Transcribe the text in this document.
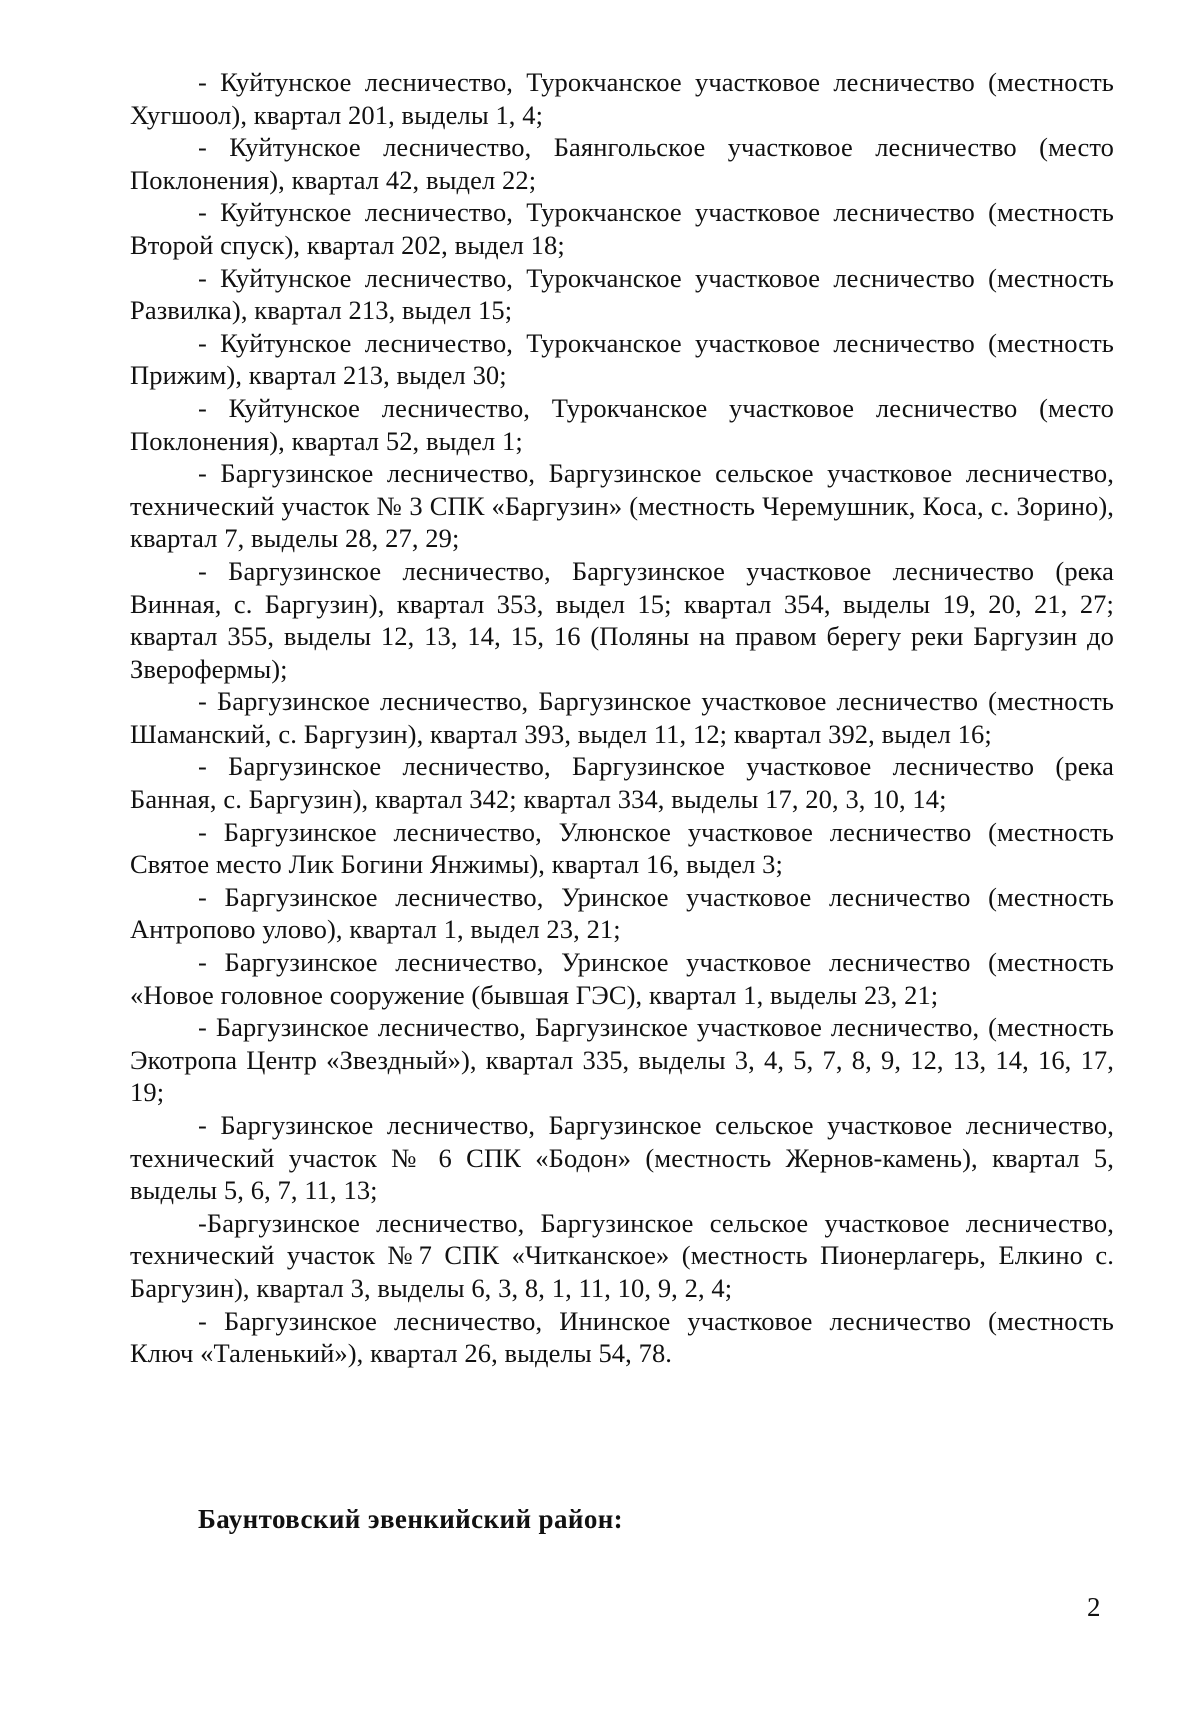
- Куйтунское лесничество, Турокчанское участковое лесничество (местность Хугшоол), квартал 201, выделы 1, 4;

- Куйтунское лесничество, Баянгольское участковое лесничество (место Поклонения), квартал 42, выдел 22;

- Куйтунское лесничество, Турокчанское участковое лесничество (местность Второй спуск), квартал 202, выдел 18;

- Куйтунское лесничество, Турокчанское участковое лесничество (местность Развилка), квартал 213, выдел 15;

- Куйтунское лесничество, Турокчанское участковое лесничество (местность Прижим), квартал 213, выдел 30;

- Куйтунское лесничество, Турокчанское участковое лесничество (место Поклонения), квартал 52, выдел 1;

- Баргузинское лесничество, Баргузинское сельское участковое лесничество, технический участок № 3 СПК «Баргузин» (местность Черемушник, Коса, с. Зорино), квартал 7, выделы 28, 27, 29;

- Баргузинское лесничество, Баргузинское участковое лесничество (река Винная, с. Баргузин), квартал 353, выдел 15; квартал 354, выделы 19, 20, 21, 27; квартал 355, выделы 12, 13, 14, 15, 16 (Поляны на правом берегу реки Баргузин до Зверофермы);

- Баргузинское лесничество, Баргузинское участковое лесничество (местность Шаманский, с. Баргузин), квартал 393, выдел 11, 12; квартал 392, выдел 16;

- Баргузинское лесничество, Баргузинское участковое лесничество (река Банная, с. Баргузин), квартал 342; квартал 334, выделы 17, 20, 3, 10, 14;

- Баргузинское лесничество, Улюнское участковое лесничество (местность Святое место Лик Богини Янжимы), квартал 16, выдел 3;

- Баргузинское лесничество, Уринское участковое лесничество (местность Антропово улово), квартал 1, выдел 23, 21;

- Баргузинское лесничество, Уринское участковое лесничество (местность «Новое головное сооружение (бывшая ГЭС), квартал 1, выделы 23, 21;

- Баргузинское лесничество, Баргузинское участковое лесничество, (местность Экотропа Центр «Звездный»), квартал 335, выделы 3, 4, 5, 7, 8, 9, 12, 13, 14, 16, 17, 19;

- Баргузинское лесничество, Баргузинское сельское участковое лесничество, технический участок № 6 СПК «Бодон» (местность Жернов-камень), квартал 5, выделы 5, 6, 7, 11, 13;

-Баргузинское лесничество, Баргузинское сельское участковое лесничество, технический участок №7 СПК «Читканское» (местность Пионерлагерь, Елкино с. Баргузин), квартал 3, выделы 6, 3, 8, 1, 11, 10, 9, 2, 4;

- Баргузинское лесничество, Ининское участковое лесничество (местность Ключ «Таленький»), квартал 26, выделы 54, 78.

Баунтовский эвенкийский район:
2
